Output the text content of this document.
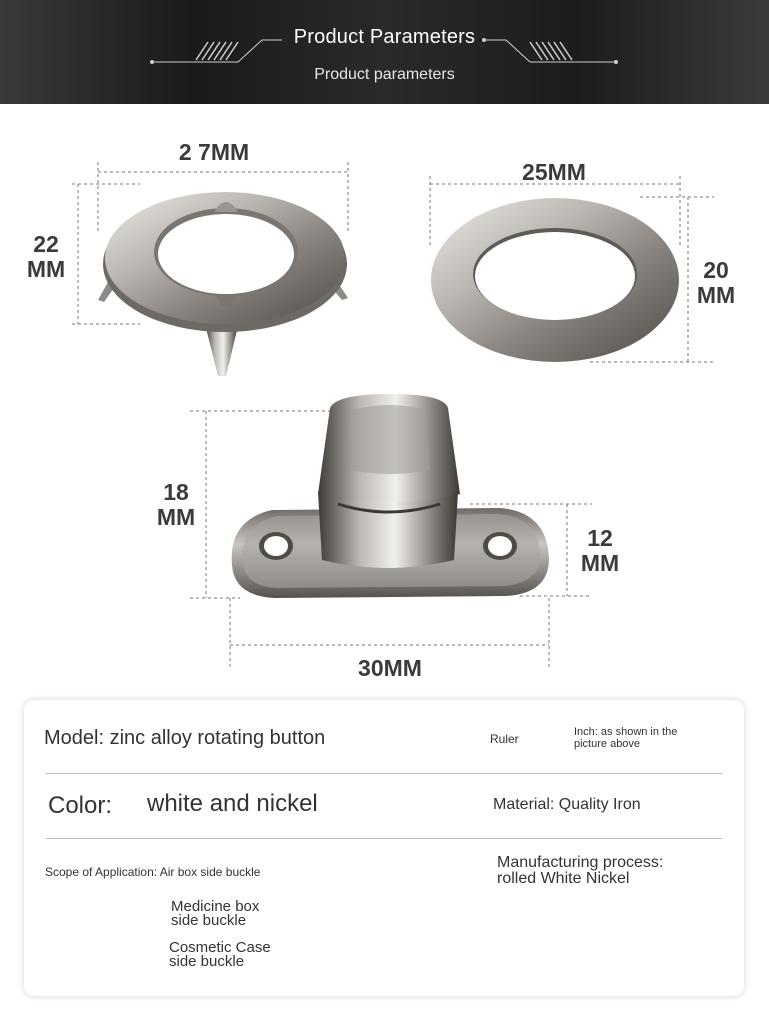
Product Parameters
Product parameters
2 7MM
22
MM
25MM
20
MM
18
MM
12
MM
30MM
Model: zinc alloy rotating button	Ruler	Inch: as shown in the
picture above
Color: white and nickel	Material: Quality Iron
Scope of Application: Air box side buckle
Manufacturing process:
rolled White Nickel
Medicine box
side buckle
Cosmetic Case
side buckle
